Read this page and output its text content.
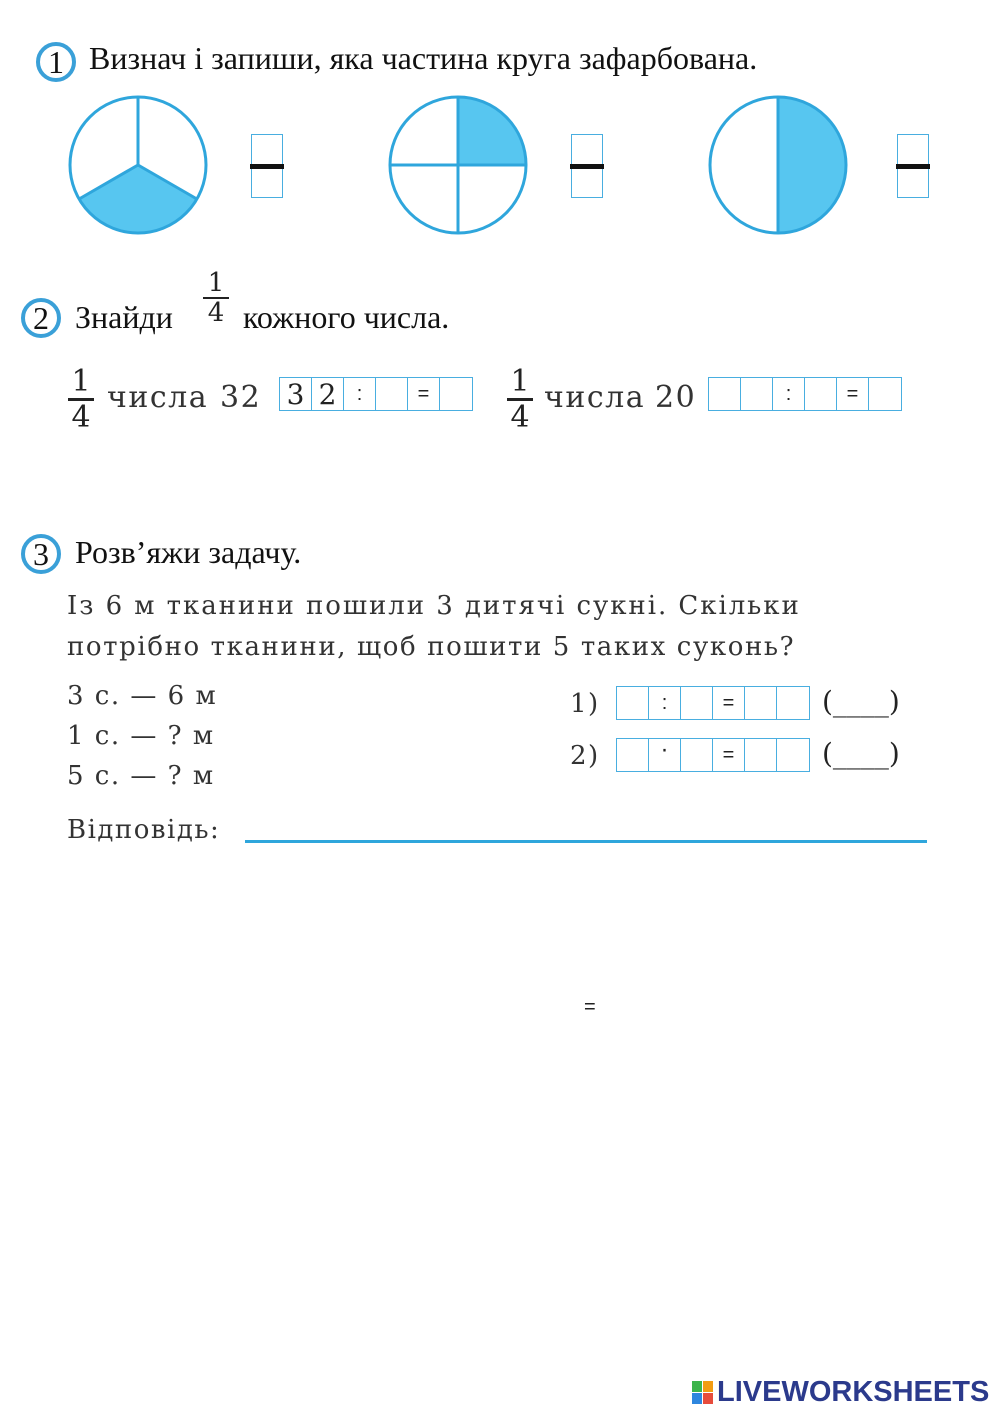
1 Визнач і запиши, яка частина круга зафарбована.
2 Знайди $\frac{1}{4}$ кожного числа.
$\frac{1}{4}$ числа 32 3 2	:	=	$\frac{1}{4}$ числа 20	:	=
3 Розв’яжи задачу.
Із 6 м тканини пошили 3 дитячі сукні. Скільки
потрібно тканини, щоб пошити 5 таких суконь?
3 с. — 6 м
1 с. — ? м
5 с. — ? м
1)	:	=	(____)
2)	·	=	(____)
Відповідь:
=
LIVEWORKSHEETS
